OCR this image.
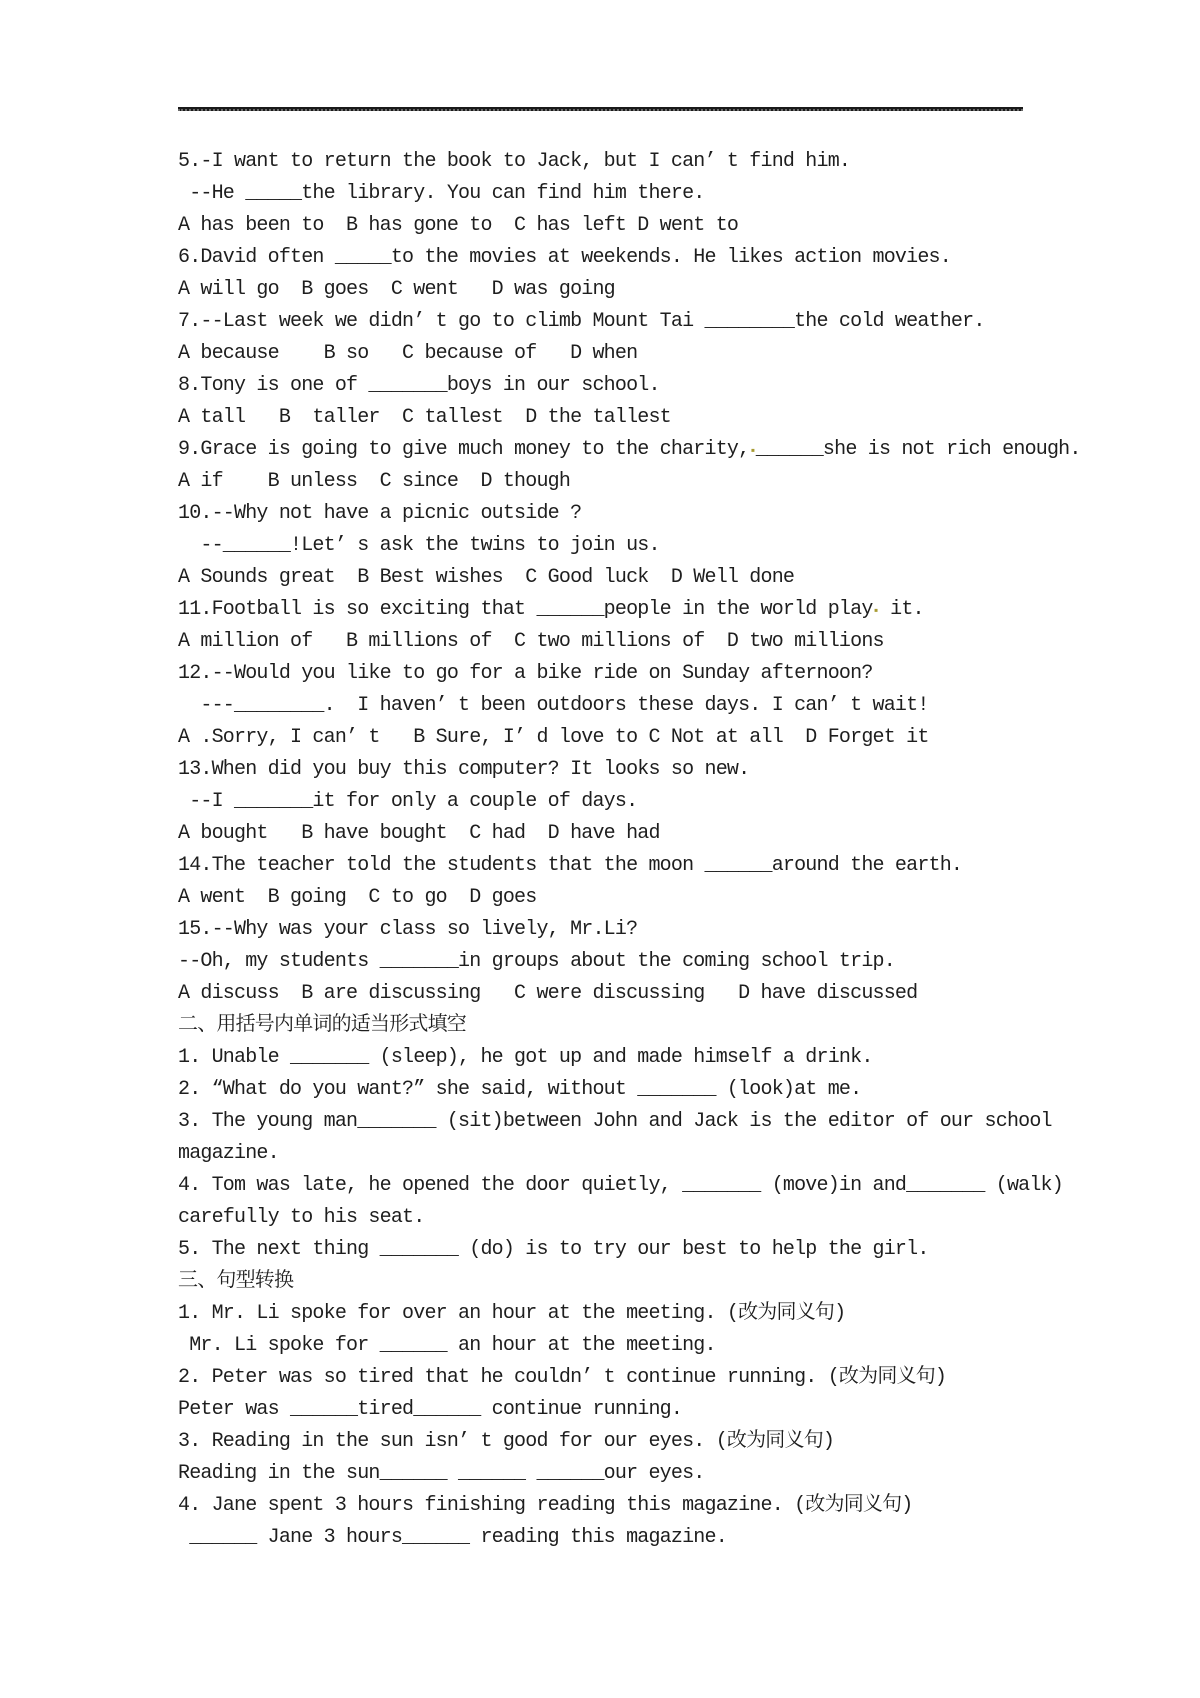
5.-I want to return the book to Jack, but I can’ t find him.
--He _____the library. You can find him there.
A has been to  B has gone to  C has left D went to
6.David often _____to the movies at weekends. He likes action movies.
A will go  B goes  C went   D was going
7.--Last week we didn’ t go to climb Mount Tai ________the cold weather.
A because    B so   C because of   D when
8.Tony is one of _______boys in our school.
A tall   B  taller  C tallest  D the tallest
9.Grace is going to give much money to the charity,▪______she is not rich enough.
A if    B unless  C since  D though
10.--Why not have a picnic outside ?
--______!Let’ s ask the twins to join us.
A Sounds great  B Best wishes  C Good luck  D Well done
11.Football is so exciting that ______people in the world play▪ it.
A million of   B millions of  C two millions of  D two millions
12.--Would you like to go for a bike ride on Sunday afternoon?
---________.  I haven’ t been outdoors these days. I can’ t wait!
A .Sorry, I can’ t   B Sure, I’ d love to C Not at all  D Forget it
13.When did you buy this computer? It looks so new.
--I _______it for only a couple of days.
A bought   B have bought  C had  D have had
14.The teacher told the students that the moon ______around the earth.
A went  B going  C to go  D goes
15.--Why was your class so lively, Mr.Li?
--Oh, my students _______in groups about the coming school trip.
A discuss  B are discussing   C were discussing   D have discussed
二、用括号内单词的适当形式填空
1. Unable _______ (sleep), he got up and made himself a drink.
2. “What do you want?” she said, without _______ (look)at me.
3. The young man_______ (sit)between John and Jack is the editor of our school
magazine.
4. Tom was late, he opened the door quietly, _______ (move)in and_______ (walk)
carefully to his seat.
5. The next thing _______ (do) is to try our best to help the girl.
三、句型转换
1. Mr. Li spoke for over an hour at the meeting. (改为同义句)
Mr. Li spoke for ______ an hour at the meeting.
2. Peter was so tired that he couldn’ t continue running. (改为同义句)
Peter was ______tired______ continue running.
3. Reading in the sun isn’ t good for our eyes. (改为同义句)
Reading in the sun______ ______ ______our eyes.
4. Jane spent 3 hours finishing reading this magazine. (改为同义句)
______ Jane 3 hours______ reading this magazine.
